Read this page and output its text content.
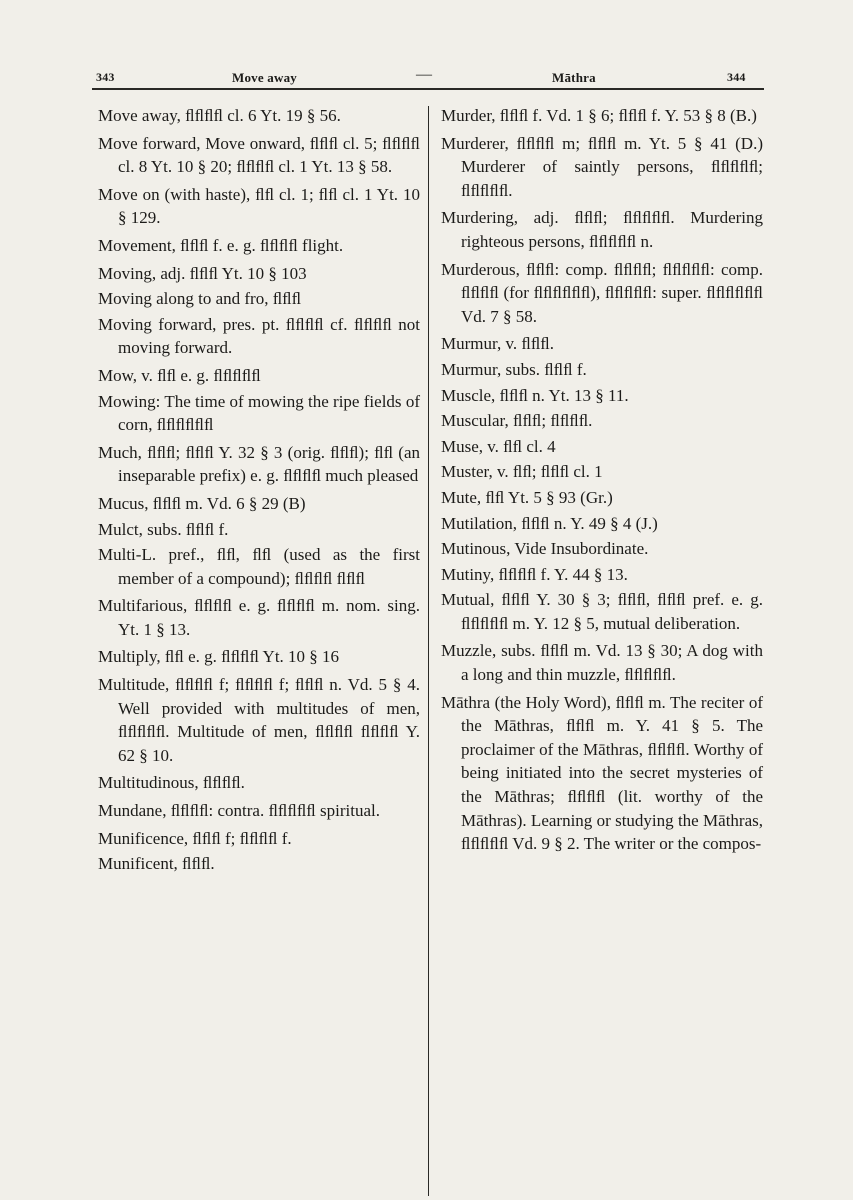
343	Move away	—	Māthra	344

Move away, ﬂﬂﬂﬂ cl. 6 Yt. 19 § 56.

Move forward, Move onward, ﬂﬂﬂ cl. 5; ﬂﬂﬂﬂ cl. 8 Yt. 10 § 20; ﬂﬂﬂﬂ cl. 1 Yt. 13 § 58.

Move on (with haste), ﬂﬂ cl. 1; ﬂﬂ cl. 1 Yt. 10 § 129.

Movement, ﬂﬂﬂ f. e. g. ﬂﬂﬂﬂ flight.

Moving, adj. ﬂﬂﬂ Yt. 10 § 103

Moving along to and fro, ﬂﬂﬂ

Moving forward, pres. pt. ﬂﬂﬂﬂ cf. ﬂﬂﬂﬂ not moving forward.

Mow, v. ﬂﬂ e. g. ﬂﬂﬂﬂﬂ

Mowing: The time of mowing the ripe fields of corn, ﬂﬂﬂﬂﬂﬂ

Much, ﬂﬂﬂ; ﬂﬂﬂ Y. 32 § 3 (orig. ﬂﬂﬂ); ﬂﬂ (an inseparable prefix) e. g. ﬂﬂﬂﬂ much pleased

Mucus, ﬂﬂﬂ m. Vd. 6 § 29 (B)

Mulct, subs. ﬂﬂﬂ f.

Multi-L. pref., ﬂﬂ, ﬂﬂ (used as the first member of a compound); ﬂﬂﬂﬂ ﬂﬂﬂ

Multifarious, ﬂﬂﬂﬂ e. g. ﬂﬂﬂﬂ m. nom. sing. Yt. 1 § 13.

Multiply, ﬂﬂ e. g. ﬂﬂﬂﬂ Yt. 10 § 16

Multitude, ﬂﬂﬂﬂ f; ﬂﬂﬂﬂ f; ﬂﬂﬂ n. Vd. 5 § 4. Well provided with multitudes of men, ﬂﬂﬂﬂﬂ. Multitude of men, ﬂﬂﬂﬂ ﬂﬂﬂﬂ Y. 62 § 10.

Multitudinous, ﬂﬂﬂﬂ.

Mundane, ﬂﬂﬂﬂ: contra. ﬂﬂﬂﬂﬂ spiritual.

Munificence, ﬂﬂﬂ f; ﬂﬂﬂﬂ f.

Munificent, ﬂﬂﬂ.

Murder, ﬂﬂﬂ f. Vd. 1 § 6; ﬂﬂﬂ f. Y. 53 § 8 (B.)

Murderer, ﬂﬂﬂﬂ m; ﬂﬂﬂ m. Yt. 5 § 41 (D.) Murderer of saintly persons, ﬂﬂﬂﬂﬂ; ﬂﬂﬂﬂﬂ.

Murdering, adj. ﬂﬂﬂ; ﬂﬂﬂﬂﬂ. Murdering righteous persons, ﬂﬂﬂﬂﬂ n.

Murderous, ﬂﬂﬂ: comp. ﬂﬂﬂﬂ; ﬂﬂﬂﬂﬂ: comp. ﬂﬂﬂﬂ (for ﬂﬂﬂﬂﬂﬂ), ﬂﬂﬂﬂﬂ: super. ﬂﬂﬂﬂﬂﬂ Vd. 7 § 58.

Murmur, v. ﬂﬂﬂ.

Murmur, subs. ﬂﬂﬂ f.

Muscle, ﬂﬂﬂ n. Yt. 13 § 11.

Muscular, ﬂﬂﬂ; ﬂﬂﬂﬂ.

Muse, v. ﬂﬂ cl. 4

Muster, v. ﬂﬂ; ﬂﬂﬂ cl. 1

Mute, ﬂﬂ Yt. 5 § 93 (Gr.)

Mutilation, ﬂﬂﬂ n. Y. 49 § 4 (J.)

Mutinous, Vide Insubordinate.

Mutiny, ﬂﬂﬂﬂ f. Y. 44 § 13.

Mutual, ﬂﬂﬂ Y. 30 § 3; ﬂﬂﬂ, ﬂﬂﬂ pref. e. g. ﬂﬂﬂﬂﬂ m. Y. 12 § 5, mutual deliberation.

Muzzle, subs. ﬂﬂﬂ m. Vd. 13 § 30; A dog with a long and thin muzzle, ﬂﬂﬂﬂﬂ.

Māthra (the Holy Word), ﬂﬂﬂ m. The reciter of the Māthras, ﬂﬂﬂ m. Y. 41 § 5. The proclaimer of the Māthras, ﬂﬂﬂﬂ. Worthy of being initiated into the secret mysteries of the Māthras; ﬂﬂﬂﬂ (lit. worthy of the Māthras). Learning or studying the Māthras, ﬂﬂﬂﬂﬂ Vd. 9 § 2. The writer or the compos-
